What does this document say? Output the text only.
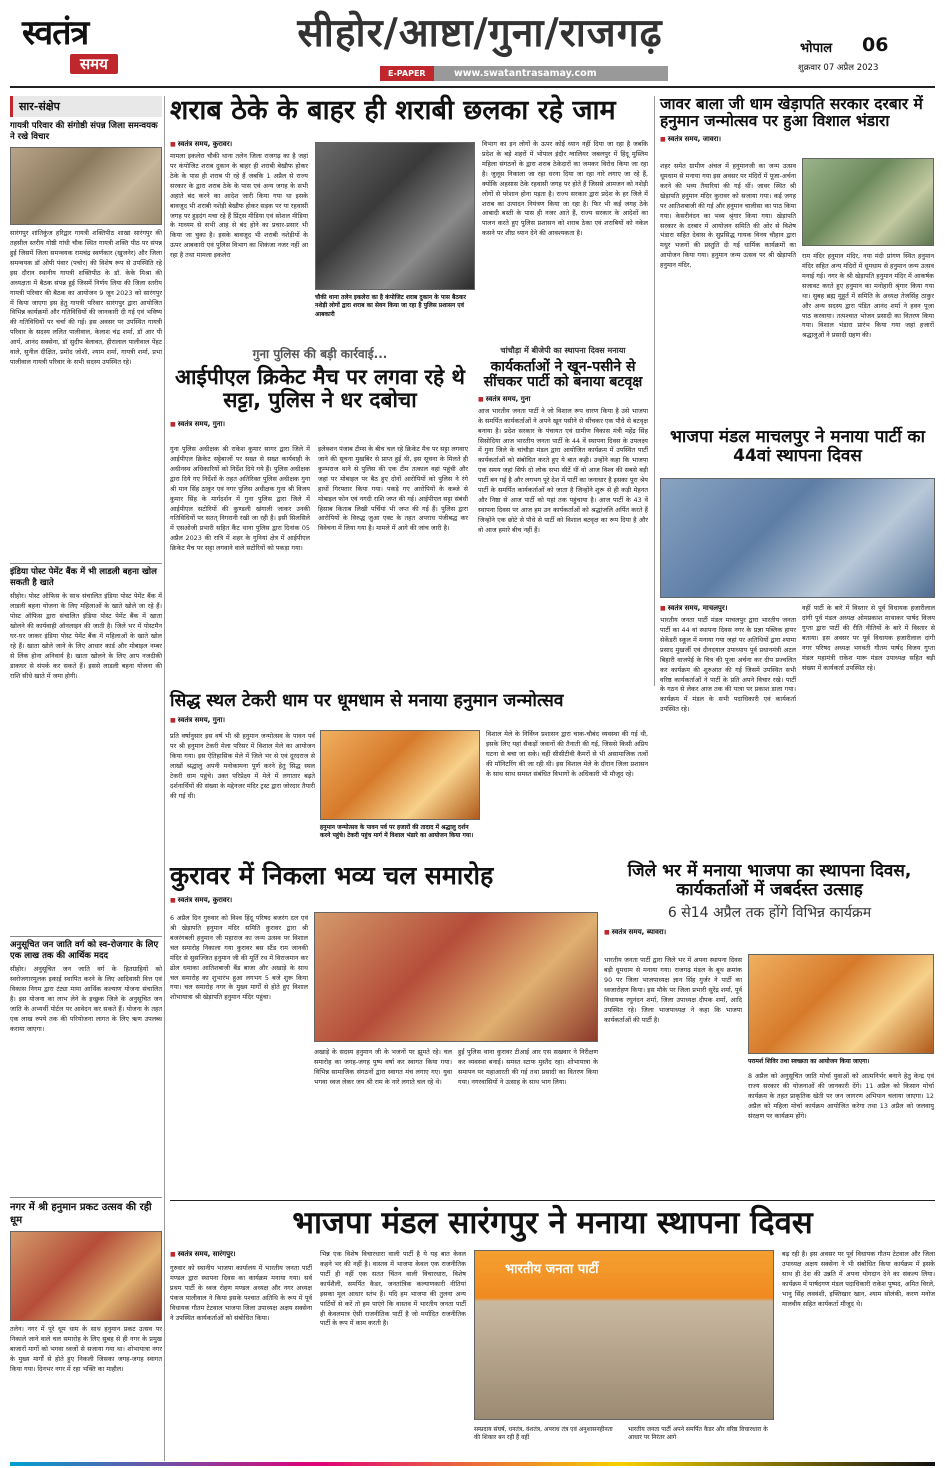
स्वतंत्र
समय
सीहोर/आष्टा/गुना/राजगढ़
E-PAPER	www.swatantrasamay.com
भोपाल 06
शुक्रवार 07 अप्रैल 2023
सार-संक्षेप
गायत्री परिवार की संगोष्ठी संपन्न जिला समन्वयक ने रखे विचार
सारंगपुर शांतिकुंज हरिद्वार गायत्री शक्तिपीठ शाखा सारंगपुर की तहसील स्तरीय गोष्ठी गांधी चौक स्थित गायत्री शक्ति पीठ पर संपन्न हुई जिसमें जिला समन्वयक रामचंद्र स्वर्णकार (खुजनेर) और जिला समन्वयक डॉ ओपी पंवार (पचोर) की विशेष रूप से उपस्थिति रहे इस दौरान स्थानीय गायत्री शक्तिपीठ के डॉ. केके मिश्रा की अध्यक्षता में बैठक संपन्न हुई जिसमें निर्णय लिया की जिला स्तरीय गायत्री परिवार की बैठक का आयोजन 9 जून 2023 को सारंगपुर में किया जाएगा इस हेतु गायत्री परिवार सारंगपुर द्वारा आयोजित विभिन्न कार्यक्रमों और गतिविधियों की जानकारी दी गई एवं भविष्य की गतिविधियों पर चर्चा की गई। इस अवसर पर उपस्थित गायत्री परिवार के सदस्य ललित पालीवाल, केलाश चंद्र शर्मा, डॉ आर पी आर्य, आनंद सक्सेना, डॉ सुदीप बेलावत, हीरालाल पालीवाल पेंहट वाले, सुनील दीक्षित, प्रमोद जोशी, श्याम शर्मा, गायत्री शर्मा, प्रभा पालीवाल गायत्री परिवार के सभी सदस्य उपस्थित रहे।
इंडिया पोस्ट पेमेंट बैंक में भी लाडली बहना खोल सकती है खाते
सीहोर। पोस्ट ऑफिस के साथ संचालित इंडिया पोस्ट पेमेंट बैंक में लाडली बहना योजना के लिए महिलाओं के खाते खोले जा रहे हैं। पोस्ट ऑफिस द्वारा संचालित इंडिया पोस्ट पेमेंट बैंक में खाता खोलने की कार्यवाही ऑनलाइन की जाती है। जिले भर में पोस्टमैन घर-घर जाकर इंडिया पोस्ट पेमेंट बैंक में महिलाओं के खाते खोल रहे हैं। खाता खोले जाने के लिए आधार कार्ड और मोबाइल नम्बर से लिंक होना अनिवार्य है। खाता खोलने के लिए आप नजदीकी डाकघर से संपर्क कर सकते हैं। इससे लाडली बहना योजना की राशि सीधे खाते में जमा होगी।
अनुसूचित जन जाति वर्ग को स्व-रोजगार के लिए एक लाख तक की आर्थिक मदद
सीहोर। अनुसूचित जन जाति वर्ग के हितग्राहियों को स्वरोजगारमूलक इकाई स्थापित करने के लिए आदिवासी वित्त एवं विकास निगम द्वारा टंट्या मामा आर्थिक कल्याण योजना संचालित है। इस योजना का लाभ लेने के इच्छुक जिले के अनुसूचित जन जाति के अभ्यर्थी पोर्टल पर आवेदन कर सकते हैं। योजना के तहत एक लाख रुपये तक की परियोजना लागत के लिए ऋण उपलब्ध कराया जाएगा।
नगर में श्री हनुमान प्रकट उत्सव की रही धूम
तलेन। नगर में पूरे धूम धाम के साथ हनुमान प्रकट उत्सव पर निकाले जाने वाले चल समारोह के लिए सुबह से ही नगर के प्रमुख बाजारों मार्गो को भगवा ध्वजों से सजाया गया था। शोभायात्रा नगर के मुख्य मार्गों से होते हुए निकली जिसका जगह-जगह स्वागत किया गया। दिनभर नगर में रहा भक्ति का माहौल।
शराब ठेके के बाहर ही शराबी छलका रहे जाम
■ स्वतंत्र समय, कुरावर।
मामला इकलेरा चौकी थाना तलेन जिला राजगढ़ का है जहां पर कंपोजिट शराब दुकान के बाहर ही शराबी बेखौफ होकर ठेके के पास ही शराब पी रहे हैं जबकि 1 अप्रैल से राज्य सरकार के द्वारा शराब ठेके के पास एवं अन्य जगह के सभी अहाते बंद करने का आदेश जारी किया गया था इसके बावजूद भी शराबी नशेड़ी बेखौफ होकर सड़क पर या रहवासी जगह पर हुड़दंग मचा रहे हैं प्रिंट्स मीडिया एवं सोशल मीडिया के माध्यम से सभी आह से बंद होने का प्रचार-प्रसार भी किया जा चुका है। इसके बावजूद भी शराबी नशेड़ीयों के ऊपर आबकारी एवं पुलिस विभाग का शिकंजा नजर नहीं आ रहा है तथा मामला इकलेरा
चौकी थाना तलेन इकलेरा का है कंपोजिट शराब दुकान के पास बैठकर नशेड़ी लोगों द्वारा शराब का सेवन किया जा रहा है पुलिस प्रशासन एवं आबकारी
विभाग का इन लोगों के ऊपर कोई ध्यान नहीं दिया जा रहा है जबकि प्रदेश के बड़े शहरों में भोपाल इंदौर ग्वालियर जबलपुर में हिंदू मुस्लिम महिला संगठनों के द्वारा शराब ठेकेदारों का जमकर विरोध किया जा रहा है। जुलूस निकाला जा रहा धरना दिया जा रहा नारे लगाए जा रहे हैं, क्योंकि अहसास ठेके रहवासी जगह पर होते हैं जिससे आमजन को नशेड़ी लोगों से परेशान होना पड़ता है। राज्य सरकार द्वारा प्रदेश के हर जिले में शराब का उत्पादन नियंत्रण किया जा रहा है। फिर भी कई जगह ठेके आबादी बस्ती के पास ही नजर आते हैं, राज्य सरकार के आदेशों का पालन करते हुए पुलिस प्रशासन को शराब ठेका एवं शराबियों को नकेल कसने पर शीघ्र ध्यान देने की आवश्यकता है।
गुना पुलिस की बड़ी कार्रवाई...
आईपीएल क्रिकेट मैच पर लगवा रहे थे सट्टा, पुलिस ने धर दबोचा
■ स्वतंत्र समय, गुना।
गुना पुलिस अधीक्षक श्री राकेश कुमार सागर द्वारा जिले में आईपीएल क्रिकेट सट्टेबाजों पर सख्त से सख्त कार्यवाही के अधीनस्थ अधिकारियों को निर्देश दिये गये हैं। पुलिस अधीक्षक द्वारा दिये गए निर्देशों के तहत अतिरिक्त पुलिस अधीक्षक गुना श्री मान सिंह ठाकुर एवं नगर पुलिस अधीक्षक गुना श्री विजय कुमार सिंह के मार्गदर्शन में गुना पुलिस द्वारा जिले में आईपीएल सटोरियों की कुण्डली खंगाली जाकर उनकी गतिविधियों पर सतत् निगरानी रखी जा रही है। इसी सिलसिले में एसओजी प्रभारी सहित कैंट थाना पुलिस द्वारा दिनांक 05 अप्रैल 2023 की रात्रि में शहर के गुनियां क्षेत्र में आईपीएल क्रिकेट मैच पर सट्टा लगवाने वाले सटोरियों को पकड़ा गया।
इलेक्शन पंजाब टीम्स के बीच चल रहे क्रिकेट मैच पर सट्टा लगवाए जाने की सूचना मुखबिर से प्राप्त हुई थी, इस सूचना के मिलते ही कुम्भराज थाने से पुलिस की एक टीम तत्काल वहां पहुंची और जहां पर मोबाइल पर बैठ हुए दोनों आरोपियों को पुलिस ने रंगे हाथों गिरफ्तार किया गया। पकड़े गए आरोपियों के कब्जे से मोबाइल फोन एवं नगदी राशि जप्त की गई। आईपीएल सट्टा संबंधी हिसाब किताब लिखी पर्चियां भी जप्त की गई हैं। पुलिस द्वारा आरोपियों के विरुद्ध जुआ एक्ट के तहत अपराध पंजीबद्ध कर विवेचना में लिया गया है। मामले में आगे की जांच जारी है।
चांचौड़ा में बीजेपी का स्थापना दिवस मनाया
कार्यकर्ताओं ने खून-पसीने से सींचकर पार्टी को बनाया बटवृक्ष
■ स्वतंत्र समय, गुना
आज भारतीय जनता पार्टी ने जो विशाल रूप धारण किया है उसे भाजपा के समर्पित कार्यकर्ताओं ने अपने खून पसीने से सींचकर एक पौधे से बटवृक्ष बनाया है। प्रदेश सरकार के पंचायत एवं ग्रामीण विकास मंत्री महेंद्र सिंह सिसोदिया आज भारतीय जनता पार्टी के 44 वें स्थापना दिवस के उपलक्ष्य में गुना जिले के चांचौड़ा मंडल द्वारा आयोजित कार्यक्रम में उपस्थित पार्टी कार्यकर्ताओं को संबोधित करते हुए ये बात कही। उन्होंने कहा कि भाजपा एक समय जहां सिर्फ दो लोक सभा सीटें थीं वो आज विश्व की सबसे बड़ी पार्टी बन गई है और लगभग पूरे देश में पार्टी का जनाधार है इसका पूरा श्रेय पार्टी के समर्पित कार्यकर्ताओं को जाता है जिन्होंने शुरू से ही कड़ी मेहनत और निष्ठा से आज पार्टी को यहां तक पहुंचाया है। आज पार्टी के 43 वें स्थापना दिवस पर आज हम उन कार्यकर्ताओं को श्रद्धांजलि अर्पित करते हैं जिन्होंने एक छोटे से पौधे से पार्टी को विशाल बटवृक्ष का रूप दिया है और वो आज हमारे बीच नहीं हैं।
जावर बाला जी धाम खेड़ापति सरकार दरबार में हनुमान जन्मोत्सव पर हुआ विशाल भंडारा
■ स्वतंत्र समय, जावरा।
शहर समेत ग्रामीण अंचल में हनुमानजी का जन्म उत्सव धूमधाम से मनाया गया इस अवसर पर मंदिरों में पूजा-अर्चना करने की भव्य तैयारियां की गई थीं। जावर स्थित श्री खेड़ापति हनुमान मंदिर कुरावर को सजाया गया। कई जगह पर आतिशबाजी की गई और हनुमान चालीसा का पाठ किया गया। केसरीनंदन का भव्य श्रृंगार किया गया। खेड़ापति सरकार के दरबार में आयोजन समिति की ओर से विशेष भंडारा सहित देवास के सुप्रसिद्ध गायक विनय चौहान द्वारा मधुर भजनों की प्रस्तुति दी गई धार्मिक कार्यक्रमों का आयोजन किया गया। हनुमान जन्म उत्सव पर श्री खेड़ापति हनुमान मंदिर,
राम मंदिर हनुमान मंदिर, नया मंदी प्रांगण स्थित हनुमान मंदिर सहित अन्य मंदिरों में धूमधाम से हनुमान जन्म उत्सव मनाई गई। नगर के श्री खेड़ापति हनुमान मंदिर में आकर्षक सजावट करते हुए हनुमान का मनोहारी श्रृंगार किया गया था। सुबह ब्रह्म मुहूर्त में समिति के अध्यक्ष तेजसिंह ठाकुर और अन्य सदस्य द्वारा पंडित आनंद शर्मा ने हवन पूजा पाठ करवाया। तत्पश्चात भोजन प्रसादी का वितरण किया गया। विशाल भंडारा प्रारंभ किया गया जहां हजारों श्रद्धालुओं ने प्रसादी ग्रहण की।
भाजपा मंडल माचलपुर ने मनाया पार्टी का 44वां स्थापना दिवस
■ स्वतंत्र समय, माचलपुर।
भारतीय जनता पार्टी मंडल माचलपुर द्वारा भारतीय जनता पार्टी का 44 वां स्थापना दिवस नगर के प्रज्ञा पब्लिक हायर सेकेंडरी स्कूल में मनाया गया जहां पर अतिथियों द्वारा श्यामा प्रसाद मुखर्जी एवं दीनदयाल उपाध्याय पूर्व प्रधानमंत्री अटल बिहारी वाजपेई के चित्र की पूजा अर्चना कर दीप प्रज्वलित कर कार्यक्रम की शुरुआत की गई जिसमें उपस्थित सभी वरिष्ठ कार्यकर्ताओं ने पार्टी के प्रति अपने विचार रखे। पार्टी के गठन से लेकर आज तक की यात्रा पर प्रकाश डाला गया। कार्यक्रम में मंडल के सभी पदाधिकारी एवं कार्यकर्ता उपस्थित रहे।
वहीं पार्टी के बारे में विस्तार से पूर्व विधायक हजारीलाल दांगी पूर्व मंडल अध्यक्ष ओमप्रकाश माथाकर पार्षद विजय गुप्ता द्वारा पार्टी की रीति नीतियों के बारे में विस्तार से बताया। इस अवसर पर पूर्व विधायक हजारीलाल दांगी नगर परिषद अध्यक्ष भगवती गौतम पार्षद विजय गुप्ता मंडल महामंत्री राकेश मारू मंडल उपाध्यक्ष सहित बड़ी संख्या में कार्यकर्ता उपस्थित रहे।
सिद्ध स्थल टेकरी धाम पर धूमधाम से मनाया हनुमान जन्मोत्सव
■ स्वतंत्र समय, गुना।
प्रति वर्षानुसार इस वर्ष भी श्री हनुमान जन्मोत्सव के पावन पर्व पर श्री हनुमान टेकरी मेला परिसर में विशाल मेले का आयोजन किया गया। इस ऐतिहासिक मेले में जिले भर से एवं दूरदराज से लाखों श्रद्धालु अपनी मनोकामना पूर्ण करने हेतु सिद्ध स्थल टेकरी धाम पहुंचे। उक्त परिप्रेक्ष्य में मेले में लगातार बढ़ते दर्शनार्थियों की संख्या के मद्देनजर मंदिर ट्रस्ट द्वारा जोरदार तैयारी की गई थी।
हनुमान जन्मोत्सव के पावन पर्व पर हजारों की तादाद में श्रद्धालु दर्शन करने पहुंचे। टेकरी पहुंच मार्ग में विशाल भंडारे का आयोजन किया गया।
विशाल मेले के निर्विघ्न प्रशासन द्वारा चाक-चौबंद व्यवस्था की गई थी, इसके लिए यहां सैकड़ों जवानों की तैनाती की गई, जिससे किसी अप्रिय घटना से बचा जा सके। वहीं सीसीटीवी कैमरों से भी असामाजिक तत्वों की मॉनिटरिंग की जा रही थी। इस विशाल मेले के दौरान जिला प्रशासन के साथ साथ समस्त संबंधित विभागों के अधिकारी भी मौजूद रहे।
कुरावर में निकला भव्य चल समारोह
■ स्वतंत्र समय, कुरावर।
6 अप्रैल दिन गुरुवार को विश्व हिंदू परिषद बजरंग दल एवं श्री खेड़ापति हनुमान मंदिर समिति कुरावर द्वारा श्री बजरंगबली हनुमान जी महाराज का जन्म उत्सव पर विशाल चल समारोह निकाला गया कुरावर बस स्टैंड राम जानकी मंदिर से सुसज्जित हनुमान जी की मूर्ति रथ में विराजमान कर ढोल धमाका आतिशबाजी बैंड बाजा और अखाड़े के साथ चल समारोह का शुभारंभ हुआ लगभग 5 बजे शुरू किया गया। चल समारोह नगर के मुख्य मार्गों से होते हुए विशाल शोभायात्रा श्री खेड़ापति हनुमान मंदिर पहुंचा।
अखाड़े के सदस्य हनुमान जी के भजनों पर झूमते रहे। चल समारोह का जगह-जगह पुष्प वर्षा कर स्वागत किया गया। विभिन्न सामाजिक संगठनों द्वारा स्वागत मंच लगाए गए। युवा भगवा ध्वज लेकर जय श्री राम के नारे लगाते चल रहे थे।
हुई पुलिस थाना कुरावर टीआई आर एस सखवार ने निरीक्षण कर व्यवस्था बनाई। समस्त स्टाफ मुस्तैद रहा। शोभायात्रा के समापन पर महाआरती की गई तथा प्रसादी का वितरण किया गया। नगरवासियों ने उत्साह के साथ भाग लिया।
जिले भर में मनाया भाजपा का स्थापना दिवस, कार्यकर्ताओं में जबर्दस्त उत्साह
6 से14 अप्रैल तक होंगे विभिन्न कार्यक्रम
■ स्वतंत्र समय, ब्यावरा।
भारतीय जनता पार्टी द्वारा जिले भर में अपना स्थापना दिवस बड़ी धूमधाम से मनाया गया। राजगढ़ मंडल के बूथ क्रमांक 90 पर जिला भाजपाध्यक्ष ज्ञान सिंह गुर्जर ने पार्टी का ध्वजारोहण किया। इस मौके पर जिला प्रभारी सुरेंद्र शर्मा, पूर्व विधायक रघुनंदन शर्मा, जिला उपाध्यक्ष दीपक शर्मा, आदि उपस्थित रहे। जिला भाजपाध्यक्ष ने कहा कि भाजपा कार्यकर्ताओं की पार्टी है।
परामर्श शिविर तथा स्वच्छता का आयोजन किया जाएगा।
8 अप्रैल को अनुसूचित जाति मोर्चा युवाओं को आत्मनिर्भर बनाने हेतु केन्द्र एवं राज्य सरकार की योजनाओं की जानकारी देंगे। 11 अप्रैल को किसान मोर्चा कार्यक्रम के तहत प्राकृतिक खेती पर जन जागरण अभियान चलाया जाएगा। 12 अप्रैल को महिला मोर्चा कार्यक्रम आयोजित करेगा तथा 13 अप्रैल को जलवायु संरक्षण पर कार्यक्रम होंगे।
भाजपा मंडल सारंगपुर ने मनाया स्थापना दिवस
■ स्वतंत्र समय, सारंगपुर।
गुरुवार को स्थानीय भाजपा कार्यालय में भारतीय जनता पार्टी मण्डल द्वारा स्थापना दिवस का कार्यक्रम मनाया गया। सर्व प्रथम पार्टी के ध्वज रोहण मण्डल अध्यक्ष और नगर अध्यक्ष पंकज पालीवाल ने किया इसके पश्चात अतिथि के रूप में पूर्व विधायक गौतम टेटवाल भाजपा जिला उपाध्यक्ष अक्षय सक्सेना ने उपस्थित कार्यकर्ताओं को संबोधित किया।
भिन्न एक विशेष विचारधारा वाली पार्टी है ये यह बात केवल कहने भर की नहीं है। वास्तव में भाजपा केवल एक राजनीतिक पार्टी ही नहीं एक सतत चिंतन वाली विचारधारा, विशेष कार्यशैली, समर्पित कैडर, जनतांत्रिक कल्याणकारी नीतियां इसका मूल आधार स्तंभ हैं। यदि हम भाजपा की तुलना अन्य पार्टियों से करें तो हम पाएंगे कि वास्तव में भारतीय जनता पार्टी ही केवलमात्र ऐसी राजनीतिक पार्टी है जो मर्यादित राजनीतिक पार्टी के रूप में काम करती है।
भारतीय जनता पार्टी
सम्प्रदाय संघर्ष, धनतंत्र, वंशतंत्र, अपराध तंत्र एवं अनुशासनहीनता की शिकार बन रही हैं वहीं
भारतीय जनता पार्टी अपने समर्पित कैडर और वरिष्ठ विचारधारा के आधार पर निरंतर आगे
बढ़ रही है। इस अवसर पर पूर्व विधायक गौतम टेटवाल और जिला उपाध्यक्ष अक्षय सक्सेना ने भी संबोधित किया कार्यक्रम में इसके साथ ही देश की उन्नति में अपना योगदान देने का संकल्प लिया। कार्यक्रम में पार्षदगण मंडल पदाधिकारी राकेश पुष्पद, अमित विरले, भानु सिंह लववंशी, इफ्तिखार खान, श्याम सोलंकी, करण मनोज मालवीय सहित कार्यकर्ता मौजूद थे।
